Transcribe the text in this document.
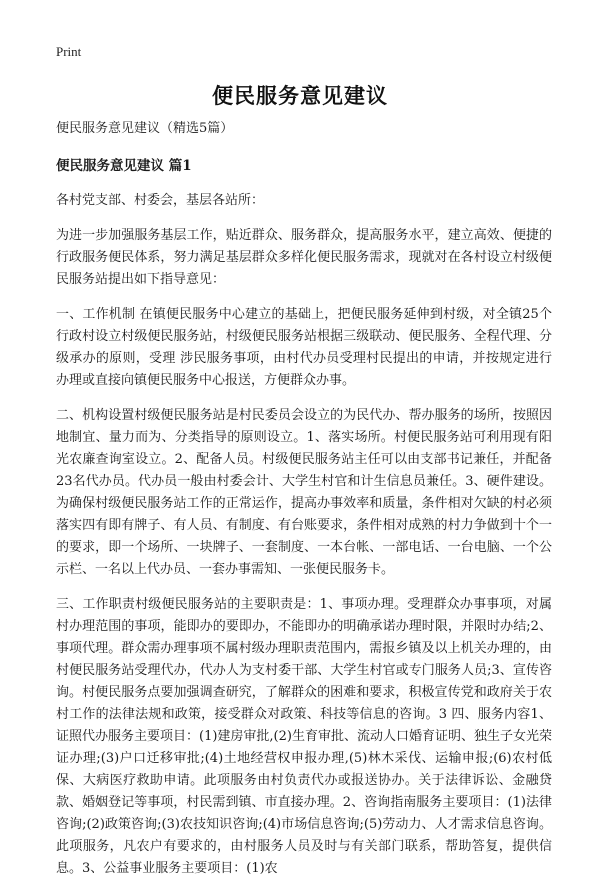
Print
便民服务意见建议

便民服务意见建议（精选5篇）

便民服务意见建议 篇1

各村党支部、村委会，基层各站所：

为进一步加强服务基层工作，贴近群众、服务群众，提高服务水平，建立高效、便捷的行政服务便民体系，努力满足基层群众多样化便民服务需求，现就对在各村设立村级便民服务站提出如下指导意见：

一、工作机制 在镇便民服务中心建立的基础上，把便民服务延伸到村级，对全镇25个行政村设立村级便民服务站，村级便民服务站根据三级联动、便民服务、全程代理、分级承办的原则，受理 涉民服务事项，由村代办员受理村民提出的申请，并按规定进行办理或直接向镇便民服务中心报送，方便群众办事。

二、机构设置村级便民服务站是村民委员会设立的为民代办、帮办服务的场所，按照因地制宜、量力而为、分类指导的原则设立。1、落实场所。村便民服务站可利用现有阳光农廉查询室设立。2、配备人员。村级便民服务站主任可以由支部书记兼任，并配备23名代办员。代办员一般由村委会计、大学生村官和计生信息员兼任。3、硬件建设。为确保村级便民服务站工作的正常运作，提高办事效率和质量，条件相对欠缺的村必须落实四有即有牌子、有人员、有制度、有台账要求，条件相对成熟的村力争做到十个一的要求，即一个场所、一块牌子、一套制度、一本台帐、一部电话、一台电脑、一个公示栏、一名以上代办员、一套办事需知、一张便民服务卡。

三、工作职责村级便民服务站的主要职责是：1、事项办理。受理群众办事事项，对属村办理范围的事项，能即办的要即办，不能即办的明确承诺办理时限，并限时办结;2、事项代理。群众需办理事项不属村级办理职责范围内，需报乡镇及以上机关办理的，由村便民服务站受理代办，代办人为支村委干部、大学生村官或专门服务人员;3、宣传咨询。村便民服务点要加强调查研究，了解群众的困难和要求，积极宣传党和政府关于农村工作的法律法规和政策，接受群众对政策、科技等信息的咨询。3 四、服务内容1、证照代办服务主要项目：(1)建房审批,(2)生育审批、流动人口婚育证明、独生子女光荣证办理;(3)户口迁移审批;(4)土地经营权申报办理,(5)林木采伐、运输申报;(6)农村低保、大病医疗救助申请。此项服务由村负责代办或报送协办。关于法律诉讼、金融贷款、婚姻登记等事项，村民需到镇、市直接办理。2、咨询指南服务主要项目：(1)法律咨询;(2)政策咨询;(3)农技知识咨询;(4)市场信息咨询;(5)劳动力、人才需求信息咨询。此项服务，凡农户有要求的，由村服务人员及时与有关部门联系，帮助答复，提供信息。3、公益事业服务主要项目：(1)农
